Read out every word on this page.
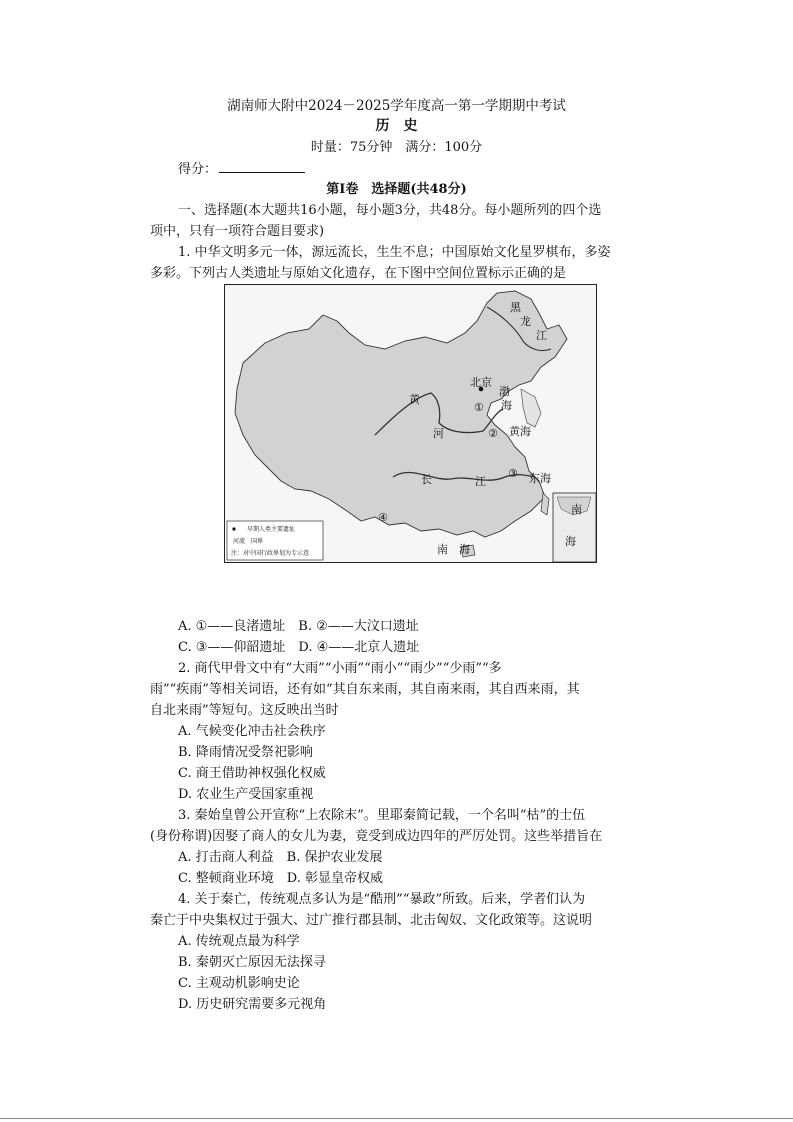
湖南师大附中2024－2025学年度高一第一学期期中考试
历　史
时量：75分钟　满分：100分
得分：
第Ⅰ卷　选择题(共48分)
一、选择题(本大题共16小题，每小题3分，共48分。每小题所列的四个选
项中，只有一项符合题目要求)
1. 中华文明多元一体，源远流长，生生不息；中国原始文化星罗棋布，多姿
多彩。下列古人类遗址与原始文化遗存，在下图中空间位置标示正确的是
早期人类主要遗址
河流　国界
注：对中国行政界划为专示意
黑
龙
江
北京
渤
海
黄
河	黄海
东海
长	江
南　海
南
海
①
②
③
④
A. ①——良渚遗址　B. ②——大汶口遗址
C. ③——仰韶遗址　D. ④——北京人遗址
2. 商代甲骨文中有“大雨”“小雨”“雨小”“雨少”“少雨”“多
雨”“疾雨”等相关词语，还有如“其自东来雨，其自南来雨，其自西来雨，其
自北来雨”等短句。这反映出当时
A. 气候变化冲击社会秩序
B. 降雨情况受祭祀影响
C. 商王借助神权强化权威
D. 农业生产受国家重视
3. 秦始皇曾公开宣称“上农除末”。里耶秦简记载，一个名叫“枯”的士伍
(身份称谓)因娶了商人的女儿为妻，竟受到成边四年的严厉处罚。这些举措旨在
A. 打击商人利益　B. 保护农业发展
C. 整顿商业环境　D. 彰显皇帝权威
4. 关于秦亡，传统观点多认为是“酷刑”“暴政”所致。后来，学者们认为
秦亡于中央集权过于强大、过广推行郡县制、北击匈奴、文化政策等。这说明
A. 传统观点最为科学
B. 秦朝灭亡原因无法探寻
C. 主观动机影响史论
D. 历史研究需要多元视角
